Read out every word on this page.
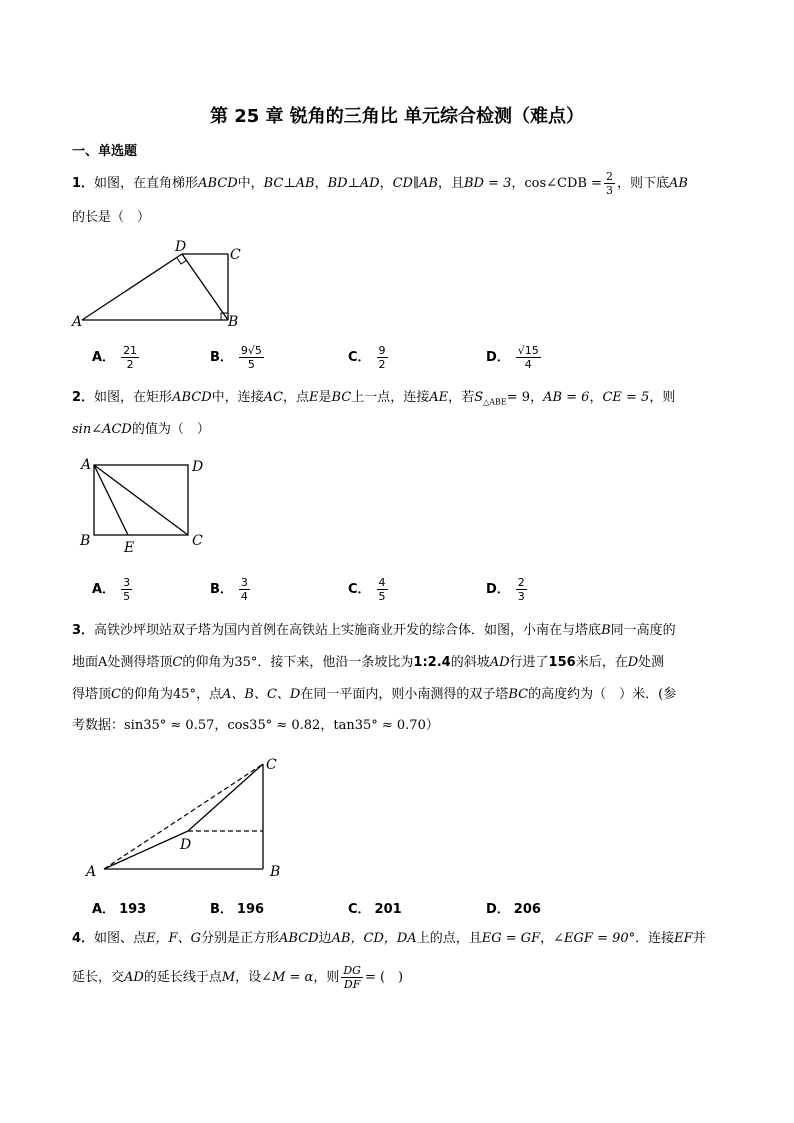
第 25 章 锐角的三角比 单元综合检测（难点）
一、单选题
1．如图，在直角梯形ABCD中，BC⊥AB，BD⊥AD，CD∥AB，且BD = 3，cos∠CDB = $\frac{2}{3}$ ，则下底AB
的长是（　）
A	B
C
D
A． $\frac{21}{2}$	B． $\frac{9√5}{5}$	C． $\frac{9}{2}$	D． $\frac{√15}{4}$
2．如图，在矩形ABCD中，连接AC，点E是BC上一点，连接AE，若$S_{\triangle ABE}= 9$，AB = 6，CE = 5，则
sin∠ACD的值为（　）
A	D
B	C
E
A． $\frac{3}{5}$	B． $\frac{3}{4}$	C． $\frac{4}{5}$	D． $\frac{2}{3}$
3．高铁沙坪坝站双子塔为国内首例在高铁站上实施商业开发的综合体．如图，小南在与塔底B同一高度的
地面A处测得塔顶C的仰角为35°．接下来，他沿一条坡比为1:2.4的斜坡AD行进了156米后，在D处测
得塔顶C的仰角为45°，点A、B、C、D在同一平面内，则小南测得的双子塔BC的高度约为（　）米．(参
考数据：sin35° ≈ 0.57，cos35° ≈ 0.82，tan35° ≈ 0.70）
A	B
C
D
A． 193	B． 196	C． 201	D． 206
4．如图、点E，F、G分别是正方形ABCD边AB，CD，DA上的点，且EG = GF，∠EGF = 90°．连接EF并
延长，交AD的延长线于点M，设∠M = α，则 $\frac{DG}{DF}$ = (　)
